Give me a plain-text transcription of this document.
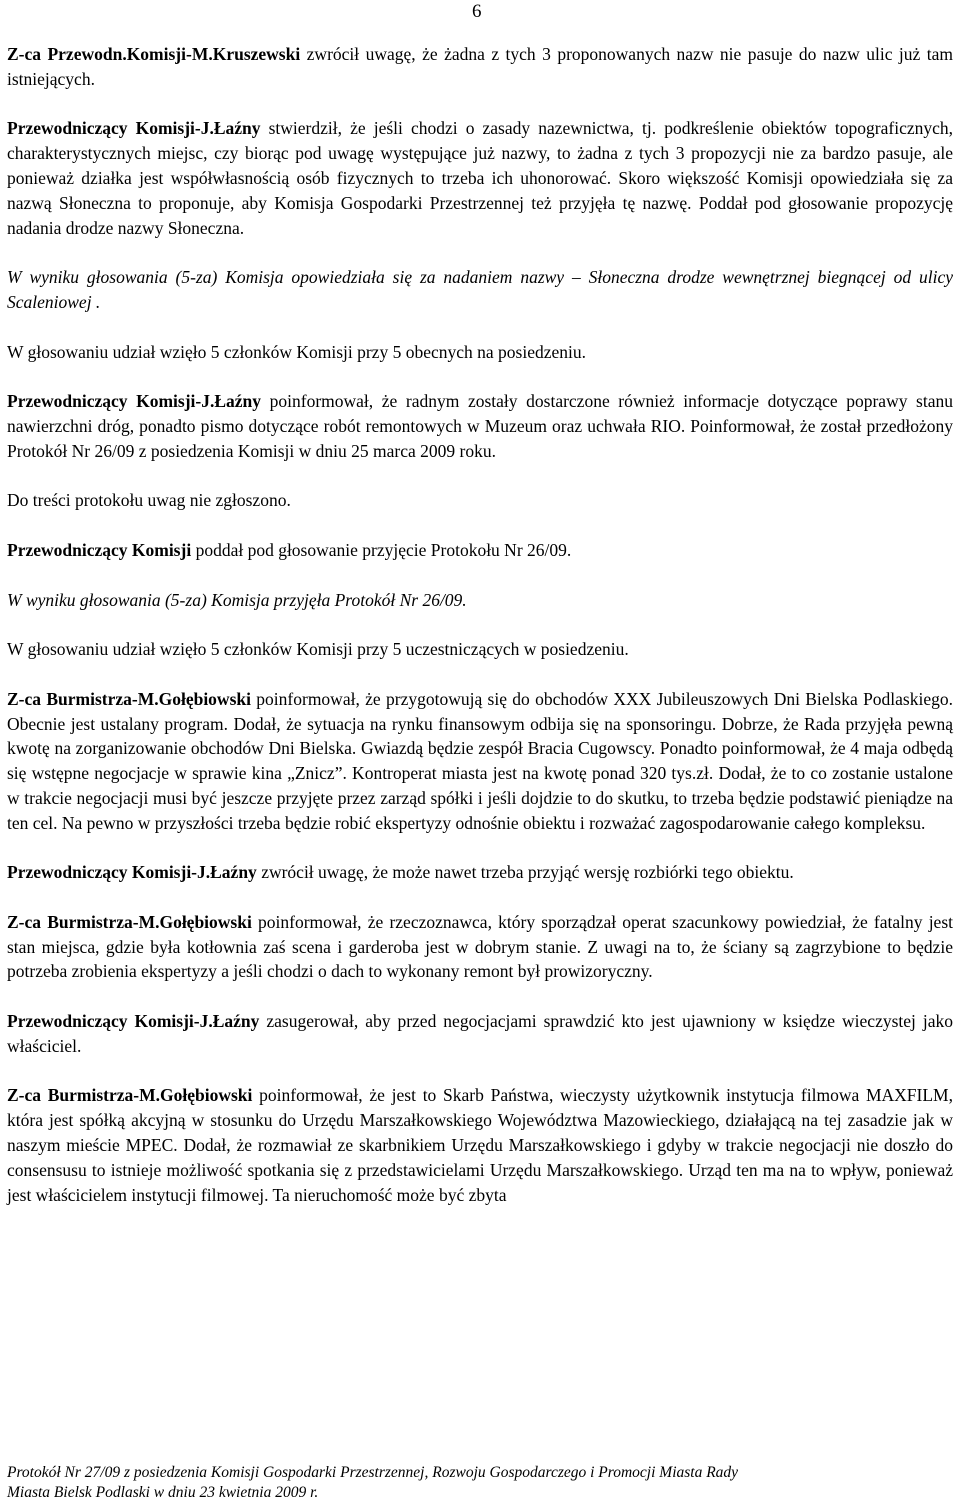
6

Z-ca Przewodn.Komisji-M.Kruszewski zwrócił uwagę, że żadna z tych 3 proponowanych nazw nie pasuje do nazw ulic już tam istniejących.

Przewodniczący Komisji-J.Łaźny stwierdził, że jeśli chodzi o zasady nazewnictwa, tj. podkreślenie obiektów topograficznych, charakterystycznych miejsc, czy biorąc pod uwagę występujące już nazwy, to żadna z tych 3 propozycji nie za bardzo pasuje, ale ponieważ działka jest współwłasnością osób fizycznych to trzeba ich uhonorować. Skoro większość Komisji opowiedziała się za nazwą Słoneczna to proponuje, aby Komisja Gospodarki Przestrzennej też przyjęła tę nazwę. Poddał pod głosowanie propozycję nadania drodze nazwy Słoneczna.

W wyniku głosowania (5-za) Komisja opowiedziała się za nadaniem nazwy – Słoneczna drodze wewnętrznej biegnącej od ulicy Scaleniowej .

W głosowaniu udział wzięło 5 członków Komisji przy 5 obecnych na posiedzeniu.

Przewodniczący Komisji-J.Łaźny poinformował, że radnym zostały dostarczone również informacje dotyczące poprawy stanu nawierzchni dróg, ponadto pismo dotyczące robót remontowych w Muzeum oraz uchwała RIO. Poinformował, że został przedłożony Protokół Nr 26/09 z posiedzenia Komisji w dniu 25 marca 2009 roku.

Do treści protokołu uwag nie zgłoszono.

Przewodniczący Komisji poddał pod głosowanie przyjęcie Protokołu Nr 26/09.

W wyniku głosowania (5-za) Komisja przyjęła Protokół Nr 26/09.

W głosowaniu udział wzięło 5 członków Komisji przy 5 uczestniczących w posiedzeniu.

Z-ca Burmistrza-M.Gołębiowski poinformował, że przygotowują się do obchodów XXX Jubileuszowych Dni Bielska Podlaskiego. Obecnie jest ustalany program. Dodał, że sytuacja na rynku finansowym odbija się na sponsoringu. Dobrze, że Rada przyjęła pewną kwotę na zorganizowanie obchodów Dni Bielska. Gwiazdą będzie zespół Bracia Cugowscy. Ponadto poinformował, że 4 maja odbędą się wstępne negocjacje w sprawie kina „Znicz”. Kontroperat miasta jest na kwotę ponad 320 tys.zł. Dodał, że to co zostanie ustalone w trakcie negocjacji musi być jeszcze przyjęte przez zarząd spółki i jeśli dojdzie to do skutku, to trzeba będzie podstawić pieniądze na ten cel. Na pewno w przyszłości trzeba będzie robić ekspertyzy odnośnie obiektu i rozważać zagospodarowanie całego kompleksu.

Przewodniczący Komisji-J.Łaźny zwrócił uwagę, że może nawet trzeba przyjąć wersję rozbiórki tego obiektu.

Z-ca Burmistrza-M.Gołębiowski poinformował, że rzeczoznawca, który sporządzał operat szacunkowy powiedział, że fatalny jest stan miejsca, gdzie była kotłownia zaś scena i garderoba jest w dobrym stanie. Z uwagi na to, że ściany są zagrzybione to będzie potrzeba zrobienia ekspertyzy a jeśli chodzi o dach to wykonany remont był prowizoryczny.

Przewodniczący Komisji-J.Łaźny zasugerował, aby przed negocjacjami sprawdzić kto jest ujawniony w księdze wieczystej jako właściciel.

Z-ca Burmistrza-M.Gołębiowski poinformował, że jest to Skarb Państwa, wieczysty użytkownik instytucja filmowa MAXFILM, która jest spółką akcyjną w stosunku do Urzędu Marszałkowskiego Województwa Mazowieckiego, działającą na tej zasadzie jak w naszym mieście MPEC. Dodał, że rozmawiał ze skarbnikiem Urzędu Marszałkowskiego i gdyby w trakcie negocjacji nie doszło do consensusu to istnieje możliwość spotkania się z przedstawicielami Urzędu Marszałkowskiego. Urząd ten ma na to wpływ, ponieważ jest właścicielem instytucji filmowej. Ta nieruchomość może być zbyta

Protokół Nr 27/09 z posiedzenia Komisji Gospodarki Przestrzennej, Rozwoju Gospodarczego i Promocji Miasta Rady
Miasta Bielsk Podlaski w dniu 23 kwietnia 2009 r.
